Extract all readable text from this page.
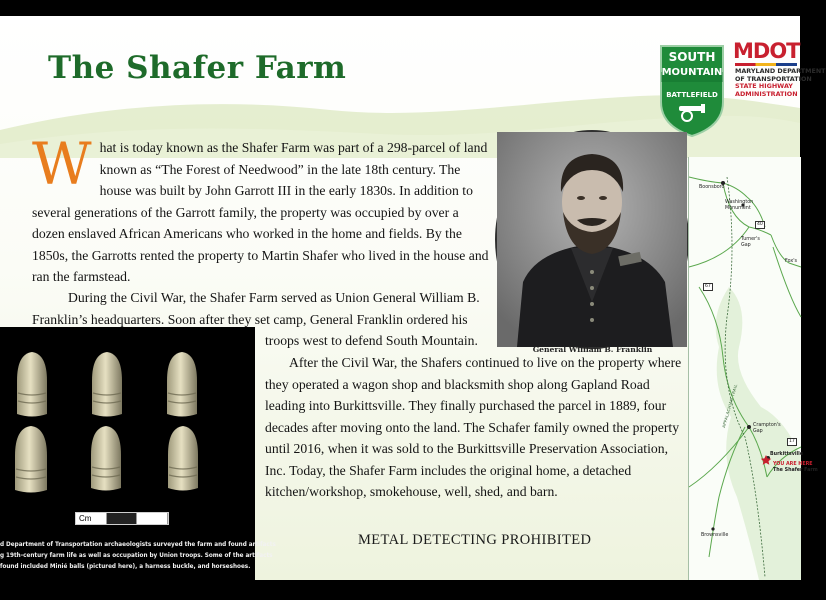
The Shafer Farm	SOUTH
MOUNTAIN
BATTLEFIELD
MDOT
MARYLAND DEPARTMENT
OF TRANSPORTATION
STATE HIGHWAY
ADMINISTRATION

What is today known as the Shafer Farm was part of a 298-parcel of land known as “The Forest of Needwood” in the late 18th century. The house was built by John Garrott III in the early 1830s. In addition to several generations of the Garrott family, the property was occupied by over a dozen enslaved African Americans who worked in the home and fields. By the 1850s, the Garrotts rented the property to Martin Shafer who lived in the house and ran the farmstead.

During the Civil War, the Shafer Farm served as Union General William B. Franklin’s headquarters. Soon after they set camp, General Franklin ordered his

troops west to defend South Mountain.

After the Civil War, the Shafers continued to live on the property where they operated a wagon shop and blacksmith shop along Gapland Road leading into Burkittsville. They finally purchased the parcel in 1889, four decades after moving onto the land. The Schafer family owned the property until 2016, when it was sold to the Burkittsville Preservation Association, Inc. Today, the Shafer Farm includes the original home, a detached kitchen/workshop, smokehouse, well, shed, and barn.

General William B. Franklin

Cm

d Department of Transportation archaeologists surveyed the farm and found artifacts
g 19th-century farm life as well as occupation by Union troops. Some of the artifacts
found included Minié balls (pictured here), a harness buckle, and horseshoes.

METAL DETECTING PROHIBITED

Boonsboro
Washington
Monument
40
Turner's
Gap
Fox's
67
APPALACHIAN TRAIL	Crampton's
Gap
17
Burkittsville
YOU ARE HERE
The Shafer Farm
Brownsville
